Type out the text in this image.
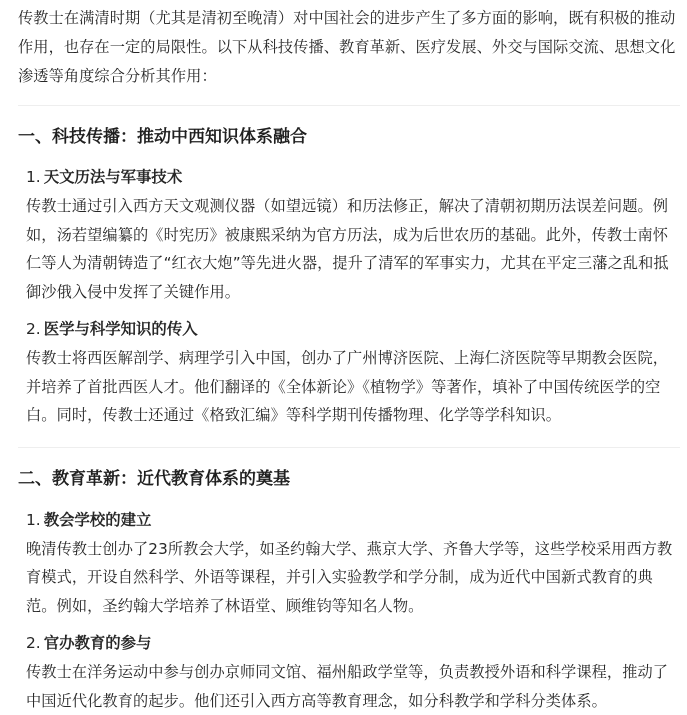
传教士在满清时期（尤其是清初至晚清）对中国社会的进步产生了多方面的影响，既有积极的推动作用，也存在一定的局限性。以下从科技传播、教育革新、医疗发展、外交与国际交流、思想文化渗透等角度综合分析其作用：

一、科技传播：推动中西知识体系融合
1. 天文历法与军事技术

传教士通过引入西方天文观测仪器（如望远镜）和历法修正，解决了清朝初期历法误差问题。例如，汤若望编纂的《时宪历》被康熙采纳为官方历法，成为后世农历的基础。此外，传教士南怀仁等人为清朝铸造了“红衣大炮”等先进火器，提升了清军的军事实力，尤其在平定三藩之乱和抵御沙俄入侵中发挥了关键作用。

2. 医学与科学知识的传入

传教士将西医解剖学、病理学引入中国，创办了广州博济医院、上海仁济医院等早期教会医院，并培养了首批西医人才。他们翻译的《全体新论》《植物学》等著作，填补了中国传统医学的空白。同时，传教士还通过《格致汇编》等科学期刊传播物理、化学等学科知识。

二、教育革新：近代教育体系的奠基
1. 教会学校的建立

晚清传教士创办了23所教会大学，如圣约翰大学、燕京大学、齐鲁大学等，这些学校采用西方教育模式，开设自然科学、外语等课程，并引入实验教学和学分制，成为近代中国新式教育的典范。例如，圣约翰大学培养了林语堂、顾维钧等知名人物。

2. 官办教育的参与

传教士在洋务运动中参与创办京师同文馆、福州船政学堂等，负责教授外语和科学课程，推动了中国近代化教育的起步。他们还引入西方高等教育理念，如分科教学和学科分类体系。
